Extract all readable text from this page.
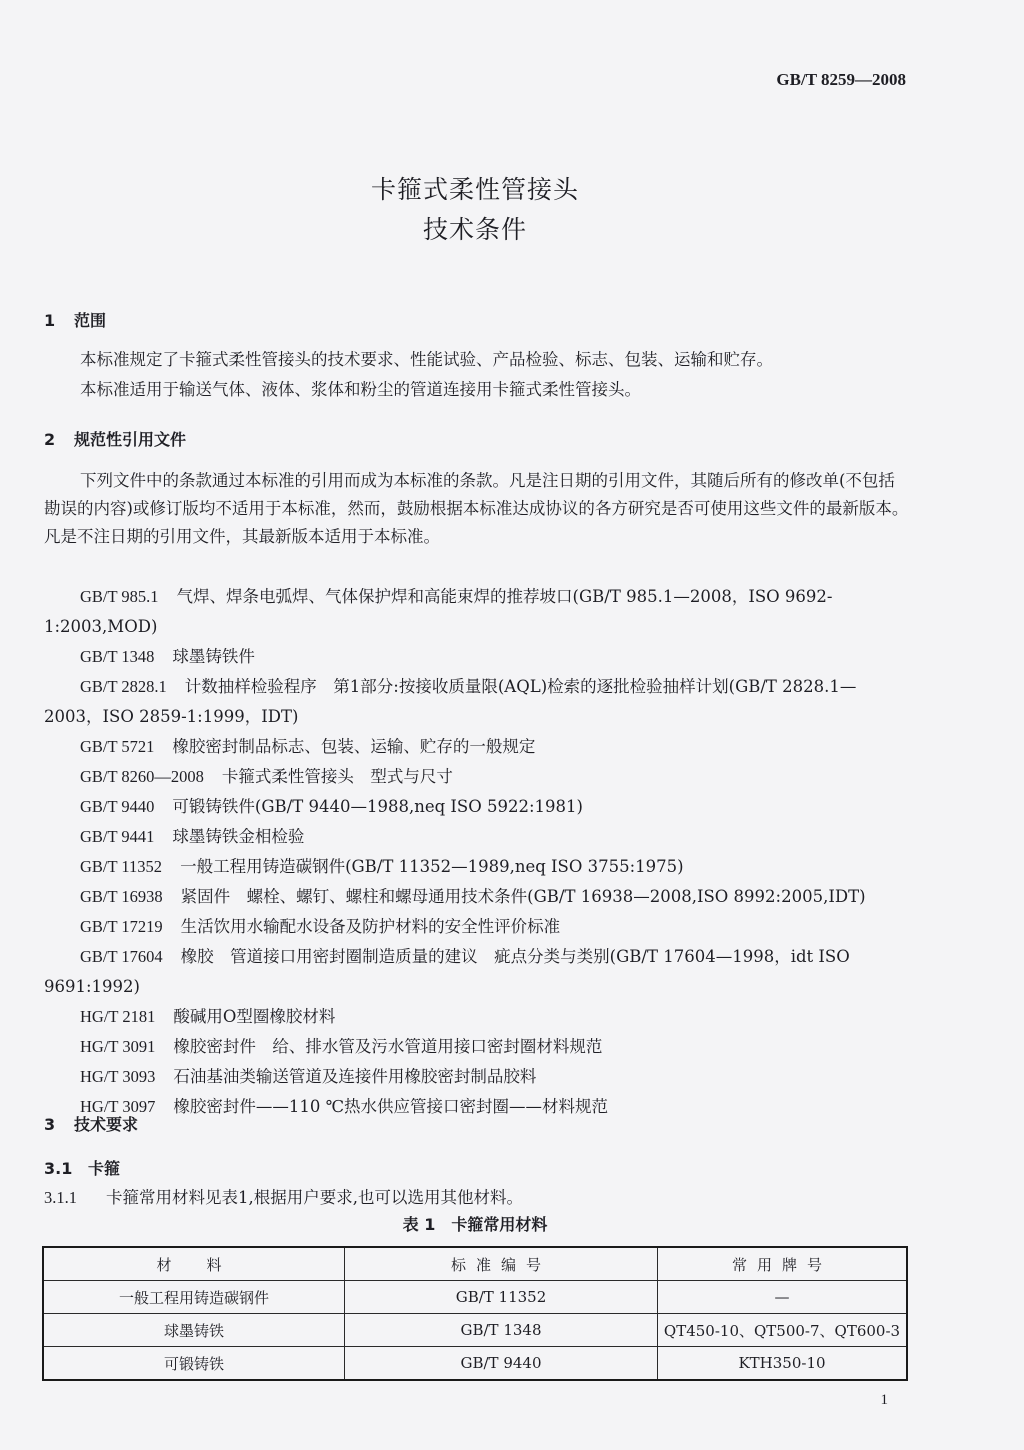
GB/T 8259—2008
卡箍式柔性管接头
技术条件
1 范围
本标准规定了卡箍式柔性管接头的技术要求、性能试验、产品检验、标志、包装、运输和贮存。
本标准适用于输送气体、液体、浆体和粉尘的管道连接用卡箍式柔性管接头。
2 规范性引用文件
下列文件中的条款通过本标准的引用而成为本标准的条款。凡是注日期的引用文件，其随后所有的修改单(不包括勘误的内容)或修订版均不适用于本标准，然而，鼓励根据本标准达成协议的各方研究是否可使用这些文件的最新版本。凡是不注日期的引用文件，其最新版本适用于本标准。
GB/T 985.1 气焊、焊条电弧焊、气体保护焊和高能束焊的推荐坡口(GB/T 985.1—2008，ISO 9692-1:2003,MOD)
GB/T 1348 球墨铸铁件
GB/T 2828.1 计数抽样检验程序　第1部分:按接收质量限(AQL)检索的逐批检验抽样计划(GB/T 2828.1—2003，ISO 2859-1:1999，IDT)
GB/T 5721 橡胶密封制品标志、包装、运输、贮存的一般规定
GB/T 8260—2008 卡箍式柔性管接头　型式与尺寸
GB/T 9440 可锻铸铁件(GB/T 9440—1988,neq ISO 5922:1981)
GB/T 9441 球墨铸铁金相检验
GB/T 11352 一般工程用铸造碳钢件(GB/T 11352—1989,neq ISO 3755:1975)
GB/T 16938 紧固件　螺栓、螺钉、螺柱和螺母通用技术条件(GB/T 16938—2008,ISO 8992:2005,IDT)
GB/T 17219 生活饮用水输配水设备及防护材料的安全性评价标准
GB/T 17604 橡胶　管道接口用密封圈制造质量的建议　疵点分类与类别(GB/T 17604—1998，idt ISO 9691:1992)
HG/T 2181 酸碱用O型圈橡胶材料
HG/T 3091 橡胶密封件　给、排水管及污水管道用接口密封圈材料规范
HG/T 3093 石油基油类输送管道及连接件用橡胶密封制品胶料
HG/T 3097 橡胶密封件——110 ℃热水供应管接口密封圈——材料规范
3 技术要求
3.1 卡箍
3.1.1 卡箍常用材料见表1,根据用户要求,也可以选用其他材料。
表 1　卡箍常用材料
材　料	标准编号	常用牌号
一般工程用铸造碳钢件	GB/T 11352	—
球墨铸铁	GB/T 1348	QT450-10、QT500-7、QT600-3
可锻铸铁	GB/T 9440	KTH350-10
1
